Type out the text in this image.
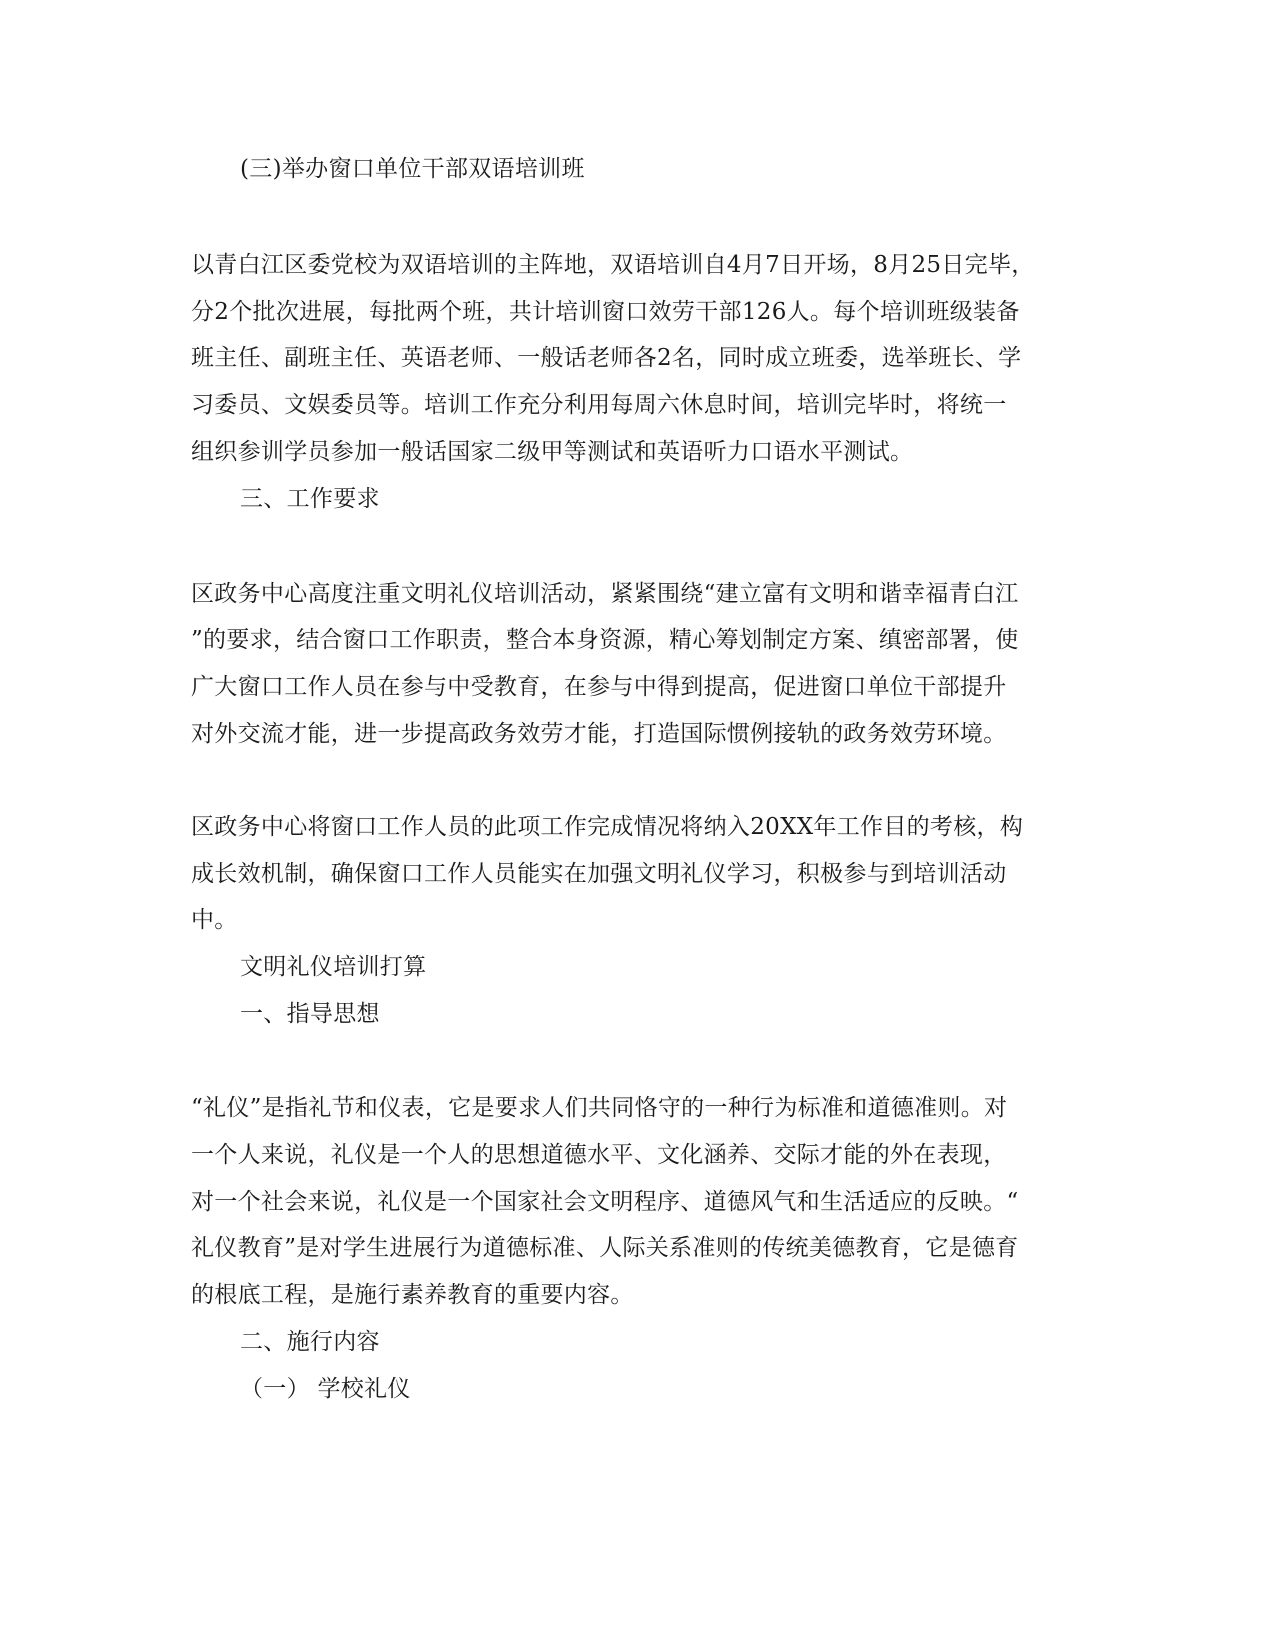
(三)举办窗口单位干部双语培训班
以青白江区委党校为双语培训的主阵地，双语培训自4月7日开场，8月25日完毕，
分2个批次进展，每批两个班，共计培训窗口效劳干部126人。每个培训班级装备
班主任、副班主任、英语老师、一般话老师各2名，同时成立班委，选举班长、学
习委员、文娱委员等。培训工作充分利用每周六休息时间，培训完毕时，将统一
组织参训学员参加一般话国家二级甲等测试和英语听力口语水平测试。
三、工作要求
区政务中心高度注重文明礼仪培训活动，紧紧围绕“建立富有文明和谐幸福青白江
”的要求，结合窗口工作职责，整合本身资源，精心筹划制定方案、缜密部署，使
广大窗口工作人员在参与中受教育，在参与中得到提高，促进窗口单位干部提升
对外交流才能，进一步提高政务效劳才能，打造国际惯例接轨的政务效劳环境。
区政务中心将窗口工作人员的此项工作完成情况将纳入20XX年工作目的考核，构
成长效机制，确保窗口工作人员能实在加强文明礼仪学习，积极参与到培训活动
中。
文明礼仪培训打算
一、指导思想
“礼仪”是指礼节和仪表，它是要求人们共同恪守的一种行为标准和道德准则。对
一个人来说，礼仪是一个人的思想道德水平、文化涵养、交际才能的外在表现，
对一个社会来说，礼仪是一个国家社会文明程序、道德风气和生活适应的反映。“
礼仪教育”是对学生进展行为道德标准、人际关系准则的传统美德教育，它是德育
的根底工程，是施行素养教育的重要内容。
二、施行内容
（一） 学校礼仪
